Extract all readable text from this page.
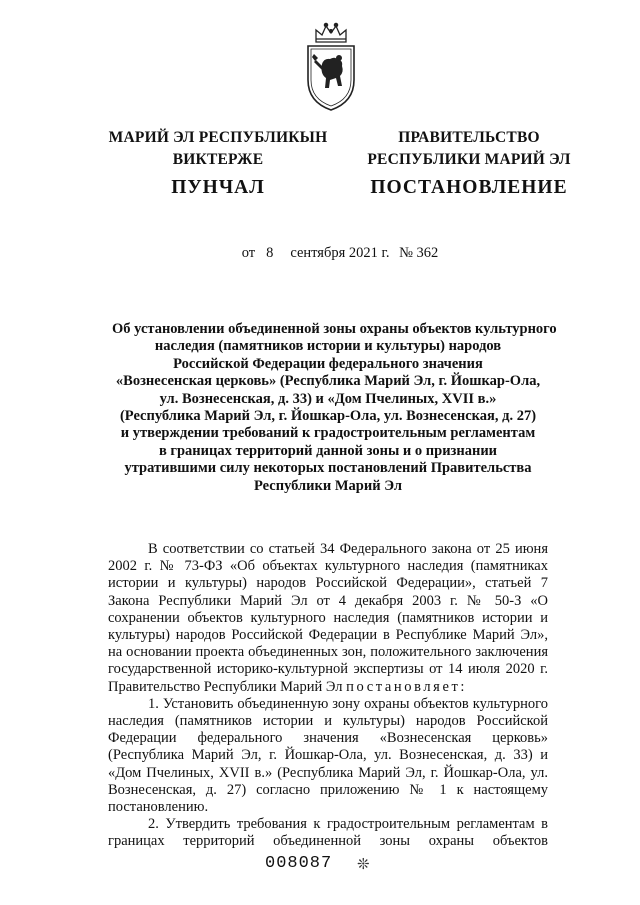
МАРИЙ ЭЛ РЕСПУБЛИКЫН
ВИКТЕРЖЕ
ПУНЧАЛ
ПРАВИТЕЛЬСТВО
РЕСПУБЛИКИ МАРИЙ ЭЛ
ПОСТАНОВЛЕНИЕ
от 8 сентября 2021 г. № 362
Об установлении объединенной зоны охраны объектов культурного
наследия (памятников истории и культуры) народов
Российской Федерации федерального значения
«Вознесенская церковь» (Республика Марий Эл, г. Йошкар-Ола,
ул. Вознесенская, д. 33) и «Дом Пчелиных, XVII в.»
(Республика Марий Эл, г. Йошкар-Ола, ул. Вознесенская, д. 27)
и утверждении требований к градостроительным регламентам
в границах территорий данной зоны и о признании
утратившими силу некоторых постановлений Правительства
Республики Марий Эл

В соответствии со статьей 34 Федерального закона от 25 июня 2002 г. № 73-ФЗ «Об объектах культурного наследия (памятниках истории и культуры) народов Российской Федерации», статьей 7 Закона Республики Марий Эл от 4 декабря 2003 г. № 50-З «О сохранении объектов культурного наследия (памятников истории и культуры) народов Российской Федерации в Республике Марий Эл», на основании проекта объединенных зон, положительного заключения государственной историко-культурной экспертизы от 14 июля 2020 г. Правительство Республики Марий Эл постановляет:

1. Установить объединенную зону охраны объектов культурного наследия (памятников истории и культуры) народов Российской Федерации федерального значения «Вознесенская церковь» (Республика Марий Эл, г. Йошкар-Ола, ул. Вознесенская, д. 33) и «Дом Пчелиных, XVII в.» (Республика Марий Эл, г. Йошкар-Ола, ул. Вознесенская, д. 27) согласно приложению № 1 к настоящему постановлению.

2. Утвердить требования к градостроительным регламентам в границах территорий объединенной зоны охраны объектов

008087 ❊
